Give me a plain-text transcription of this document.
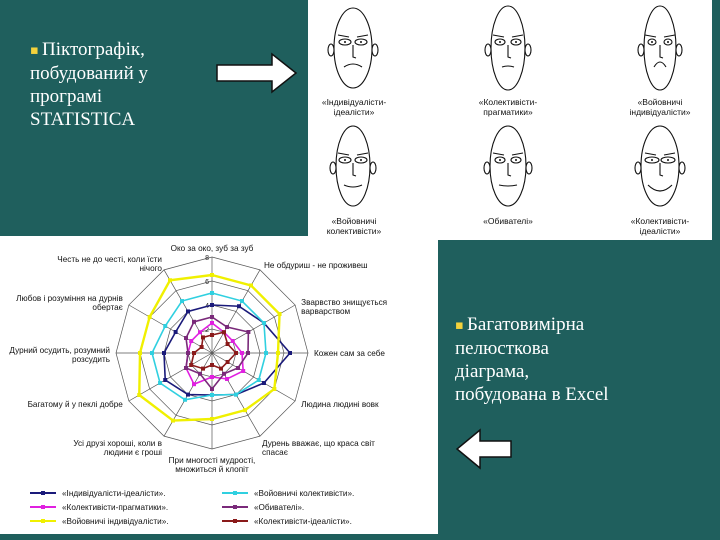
▪ Піктографік,
побудований у
програмі
STATISTICA
«Індивідуалісти-
ідеалісти»
«Колективісти-
прагматики»
«Войовничі
індивідуалісти»
«Войовничі
колективісти»
«Обивателі»	«Колективісти-
ідеалісти»
2
4
6
8
Око за око, зуб за зуб
Не обдуриш - не проживеш
Зварвство знищується варварством
Кожен сам за себе
Людина людині вовк
Дурень вважає, що краса світ спасає
При многості мудрості, множиться й клопіт
Усі друзі хороші, коли в людини є гроші
Багатому й у пеклі добре
Дурний осудить, розумний розсудить
Любов і розуміння на дурнів обертає
Честь не до честі, коли їсти нічого
«Індивідуалісти-ідеалісти».
«Колективісти-прагматики».
«Войовничі індивідуалісти».
«Войовничі колективісти».
«Обивателі».
«Колективісти-ідеалісти».
▪ Багатовимірна
пелюсткова
діаграма,
побудована в Excel
